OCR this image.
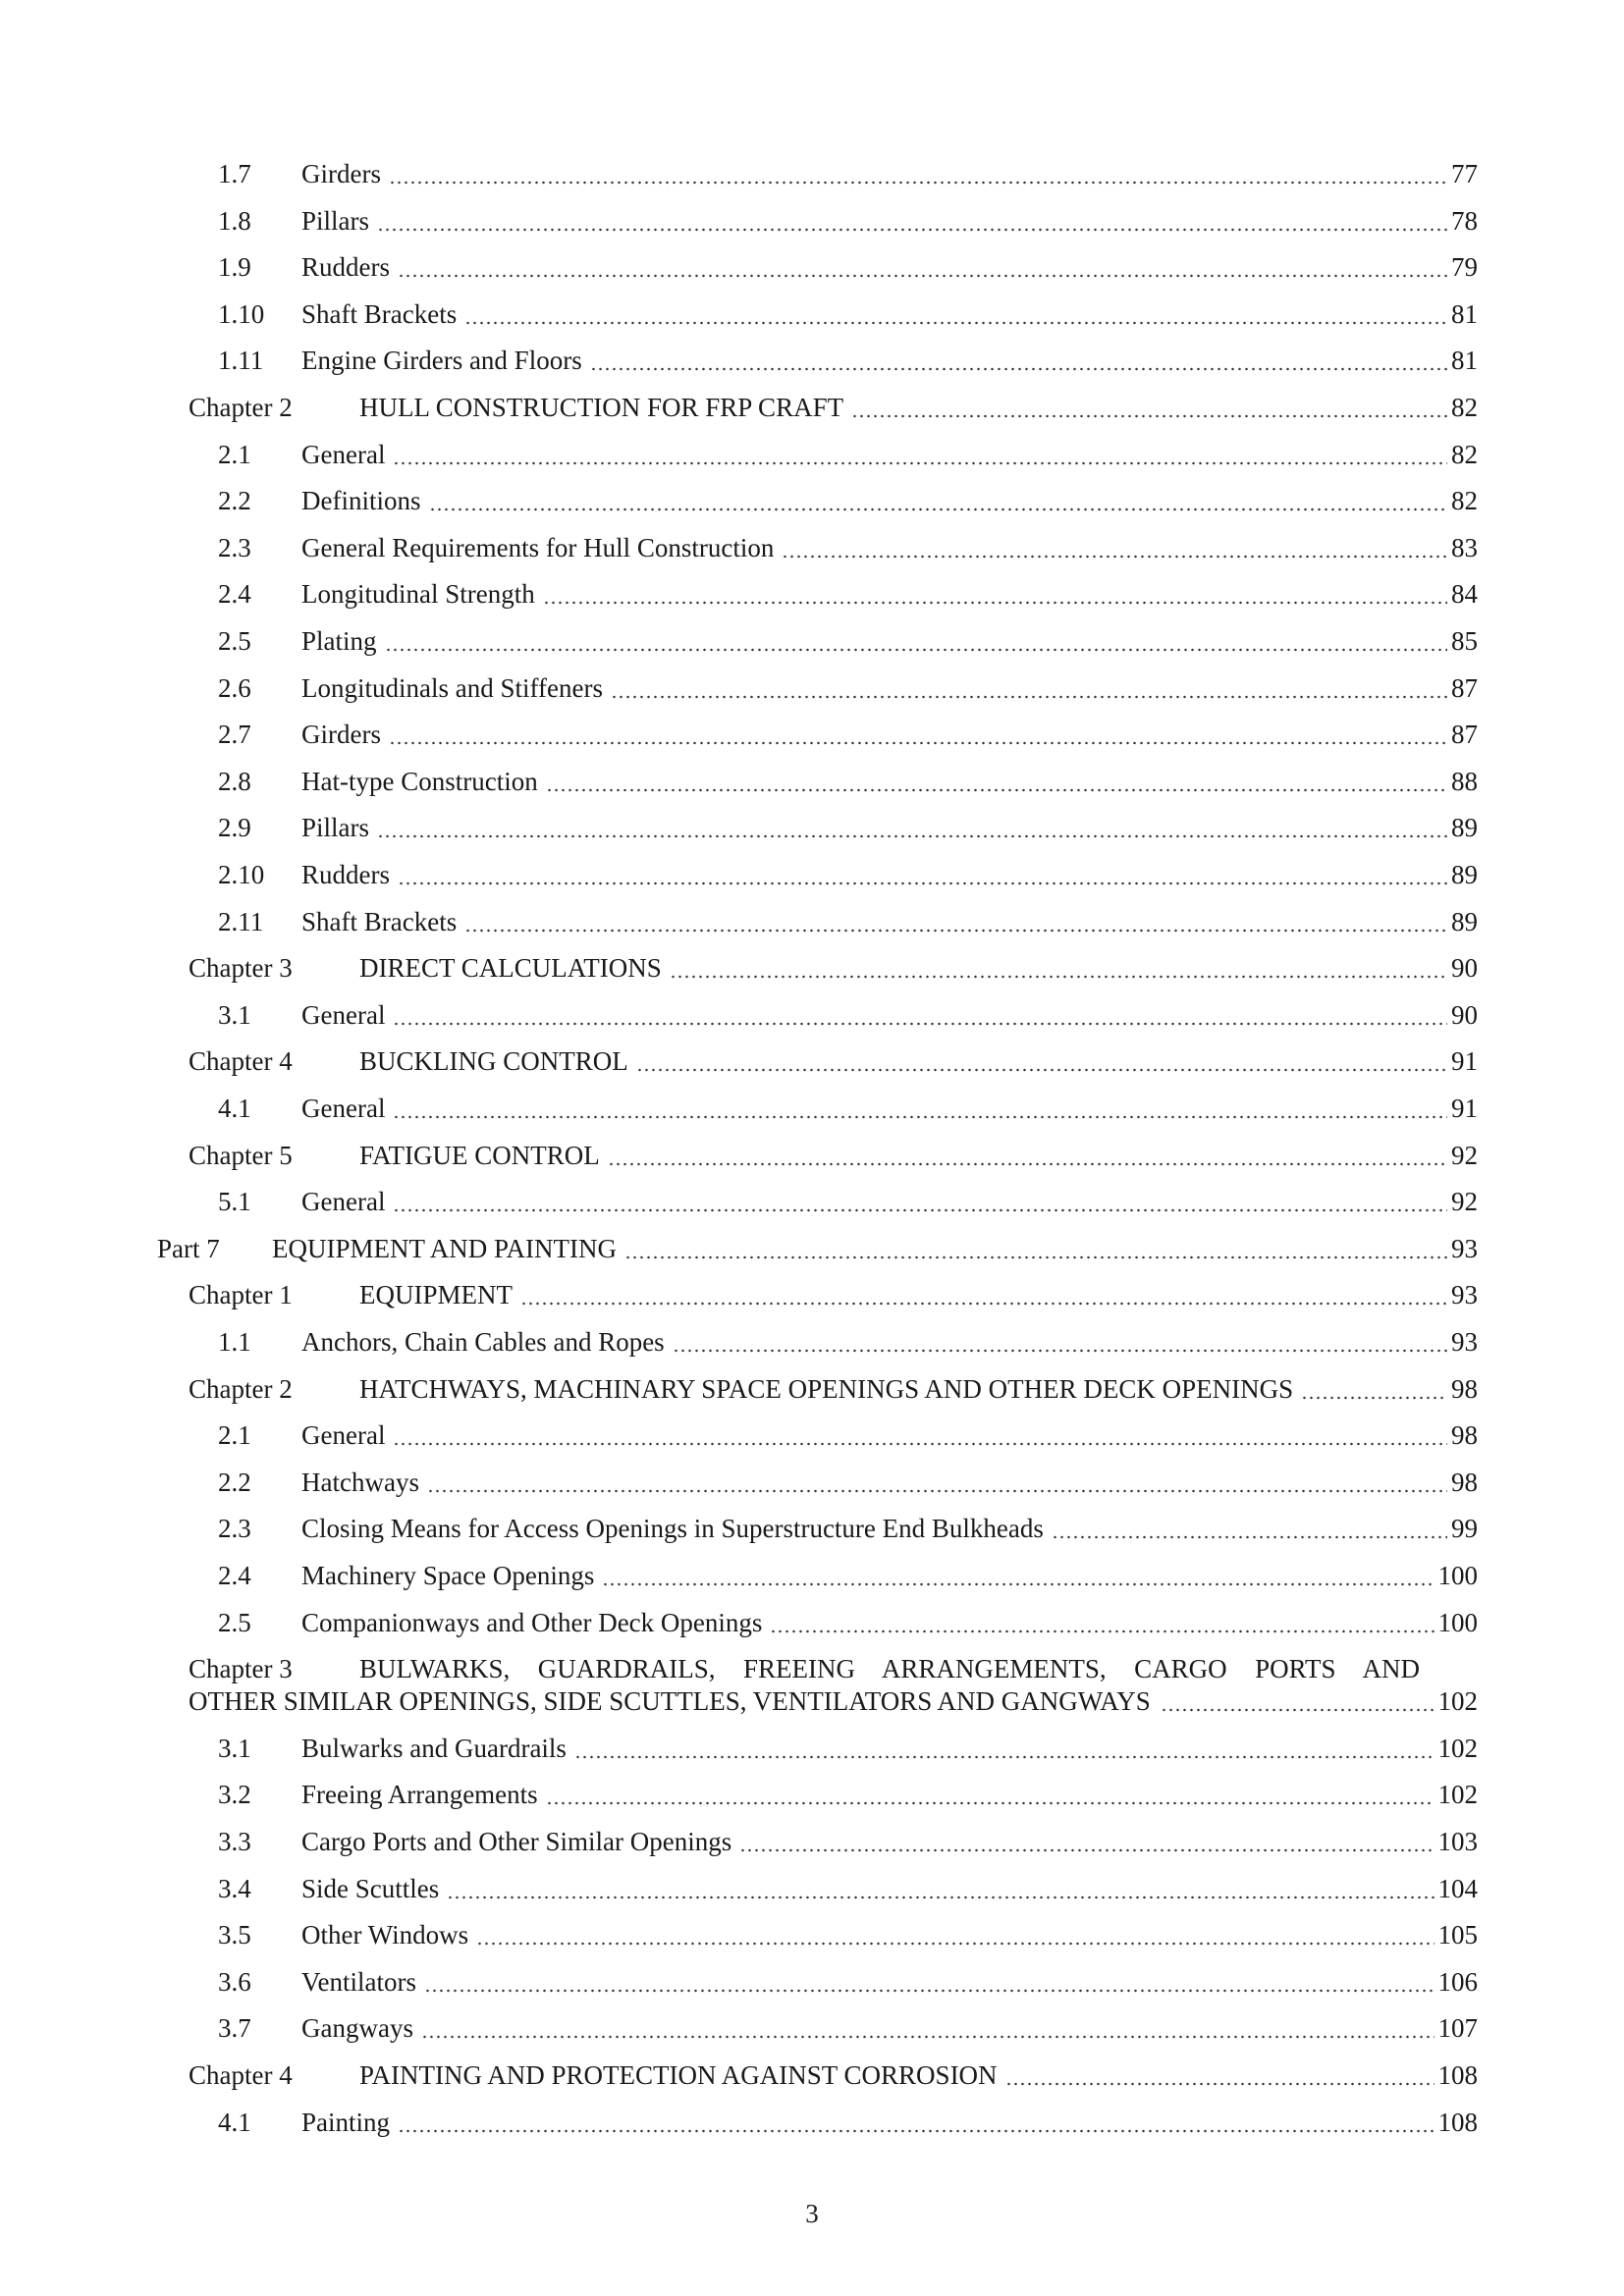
1.7 Girders	77
1.8 Pillars	78
1.9 Rudders	79
1.10 Shaft Brackets	81
1.11 Engine Girders and Floors	81
Chapter 2	HULL CONSTRUCTION FOR FRP CRAFT	82
2.1 General	82
2.2 Definitions	82
2.3 General Requirements for Hull Construction	83
2.4 Longitudinal Strength	84
2.5 Plating	85
2.6 Longitudinals and Stiffeners	87
2.7 Girders	87
2.8 Hat-type Construction	88
2.9 Pillars	89
2.10 Rudders	89
2.11 Shaft Brackets	89
Chapter 3	DIRECT CALCULATIONS	90
3.1 General	90
Chapter 4	BUCKLING CONTROL	91
4.1 General	91
Chapter 5	FATIGUE CONTROL	92
5.1 General	92
Part 7 EQUIPMENT AND PAINTING	93
Chapter 1	EQUIPMENT	93
1.1 Anchors, Chain Cables and Ropes	93
Chapter 2	HATCHWAYS, MACHINARY SPACE OPENINGS AND OTHER DECK OPENINGS	98
2.1 General	98
2.2 Hatchways	98
2.3 Closing Means for Access Openings in Superstructure End Bulkheads	99
2.4 Machinery Space Openings	100
2.5 Companionways and Other Deck Openings	100
Chapter 3	BULWARKS, GUARDRAILS, FREEING ARRANGEMENTS, CARGO PORTS AND
OTHER SIMILAR OPENINGS, SIDE SCUTTLES, VENTILATORS AND GANGWAYS	102
3.1 Bulwarks and Guardrails	102
3.2 Freeing Arrangements	102
3.3 Cargo Ports and Other Similar Openings	103
3.4 Side Scuttles	104
3.5 Other Windows	105
3.6 Ventilators	106
3.7 Gangways	107
Chapter 4	PAINTING AND PROTECTION AGAINST CORROSION	108
4.1 Painting	108
3
